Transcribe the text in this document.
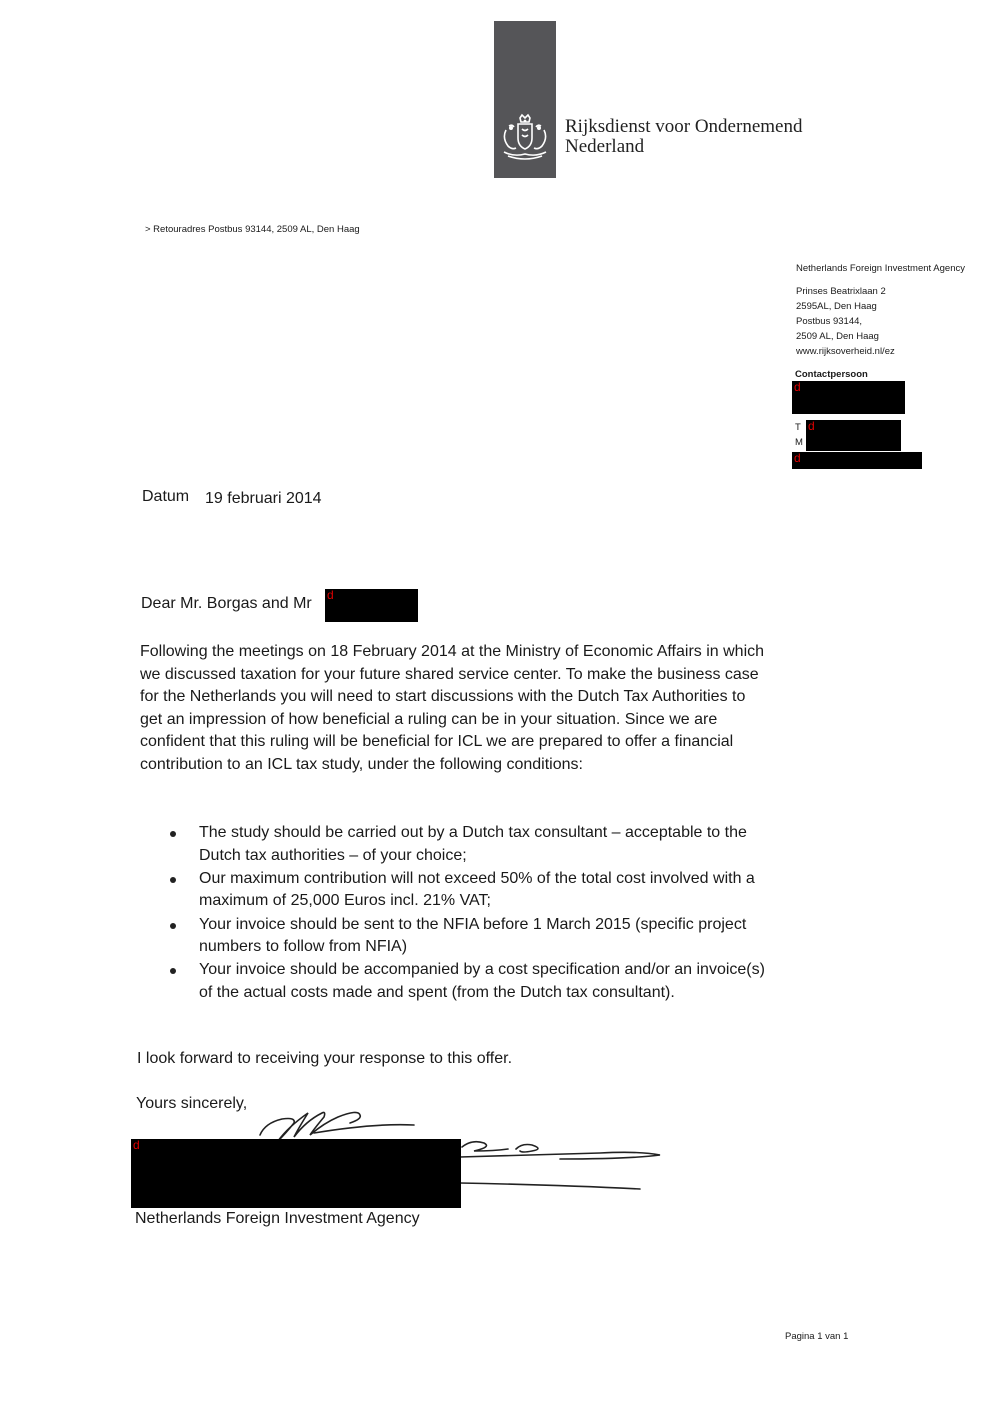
Rijksdienst voor Ondernemend
Nederland
> Retouradres Postbus 93144, 2509 AL, Den Haag
Netherlands Foreign Investment Agency
Prinses Beatrixlaan 2
2595AL, Den Haag
Postbus 93144,
2509 AL, Den Haag
www.rijksoverheid.nl/ez
Contactpersoon
d
T
M
d
d
Datum 19 februari 2014
Dear Mr. Borgas and Mr d
Following the meetings on 18 February 2014 at the Ministry of Economic Affairs in which we discussed taxation for your future shared service center. To make the business case for the Netherlands you will need to start discussions with the Dutch Tax Authorities to get an impression of how beneficial a ruling can be in your situation. Since we are confident that this ruling will be beneficial for ICL we are prepared to offer a financial contribution to an ICL tax study, under the following conditions:
The study should be carried out by a Dutch tax consultant – acceptable to the Dutch tax authorities – of your choice;
Our maximum contribution will not exceed 50% of the total cost involved with a maximum of 25,000 Euros incl. 21% VAT;
Your invoice should be sent to the NFIA before 1 March 2015 (specific project numbers to follow from NFIA)
Your invoice should be accompanied by a cost specification and/or an invoice(s) of the actual costs made and spent (from the Dutch tax consultant).
I look forward to receiving your response to this offer.
Yours sincerely,
d
Netherlands Foreign Investment Agency
Pagina 1 van 1
